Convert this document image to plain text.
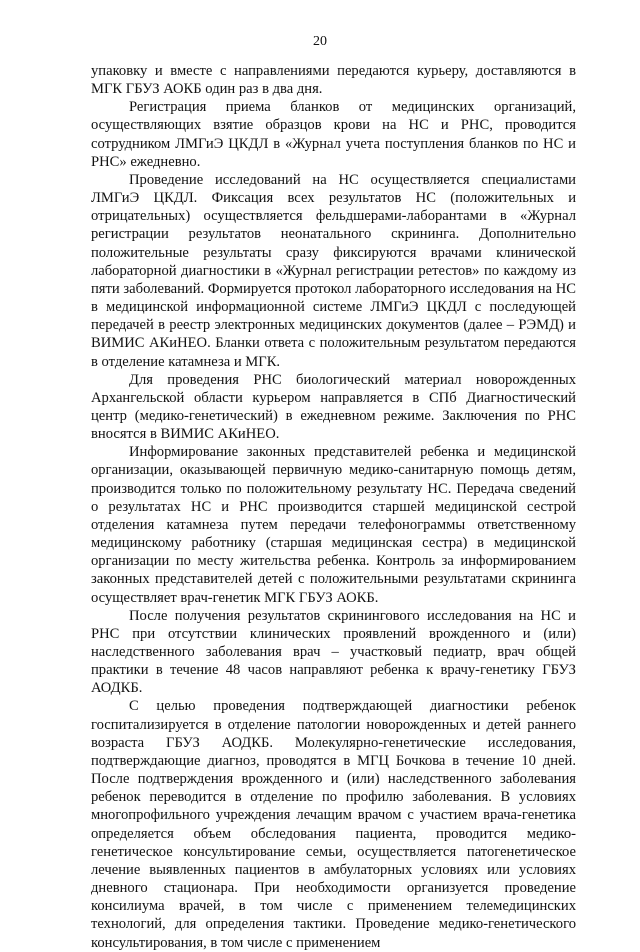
20

упаковку и вместе с направлениями передаются курьеру, доставляются в МГК ГБУЗ АОКБ один раз в два дня.

Регистрация приема бланков от медицинских организаций, осуществляющих взятие образцов крови на НС и РНС, проводится сотрудником ЛМГиЭ ЦКДЛ в «Журнал учета поступления бланков по НС и РНС» ежедневно.

Проведение исследований на НС осуществляется специалистами ЛМГиЭ ЦКДЛ. Фиксация всех результатов НС (положительных и отрицательных) осуществляется фельдшерами-лаборантами в «Журнал регистрации результатов неонатального скрининга. Дополнительно положительные результаты сразу фиксируются врачами клинической лабораторной диагностики в «Журнал регистрации ретестов» по каждому из пяти заболеваний. Формируется протокол лабораторного исследования на НС в медицинской информационной системе ЛМГиЭ ЦКДЛ с последующей передачей в реестр электронных медицинских документов (далее – РЭМД) и ВИМИС АКиНЕО. Бланки ответа с положительным результатом передаются в отделение катамнеза и МГК.

Для проведения РНС биологический материал новорожденных Архангельской области курьером направляется в СПб Диагностический центр (медико-генетический) в ежедневном режиме. Заключения по РНС вносятся в ВИМИС АКиНЕО.

Информирование законных представителей ребенка и медицинской организации, оказывающей первичную медико-санитарную помощь детям, производится только по положительному результату НС. Передача сведений о результатах НС и РНС производится старшей медицинской сестрой отделения катамнеза путем передачи телефонограммы ответственному медицинскому работнику (старшая медицинская сестра) в медицинской организации по месту жительства ребенка. Контроль за информированием законных представителей детей с положительными результатами скрининга осуществляет врач-генетик МГК ГБУЗ АОКБ.

После получения результатов скринингового исследования на НС и РНС при отсутствии клинических проявлений врожденного и (или) наследственного заболевания врач – участковый педиатр, врач общей практики в течение 48 часов направляют ребенка к врачу-генетику ГБУЗ АОДКБ.

С целью проведения подтверждающей диагностики ребенок госпитализируется в отделение патологии новорожденных и детей раннего возраста ГБУЗ АОДКБ. Молекулярно-генетические исследования, подтверждающие диагноз, проводятся в МГЦ Бочкова в течение 10 дней. После подтверждения врожденного и (или) наследственного заболевания ребенок переводится в отделение по профилю заболевания. В условиях многопрофильного учреждения лечащим врачом с участием врача-генетика определяется объем обследования пациента, проводится медико-генетическое консультирование семьи, осуществляется патогенетическое лечение выявленных пациентов в амбулаторных условиях или условиях дневного стационара. При необходимости организуется проведение консилиума врачей, в том числе с применением телемедицинских технологий, для определения тактики. Проведение медико-генетического консультирования, в том числе с применением
